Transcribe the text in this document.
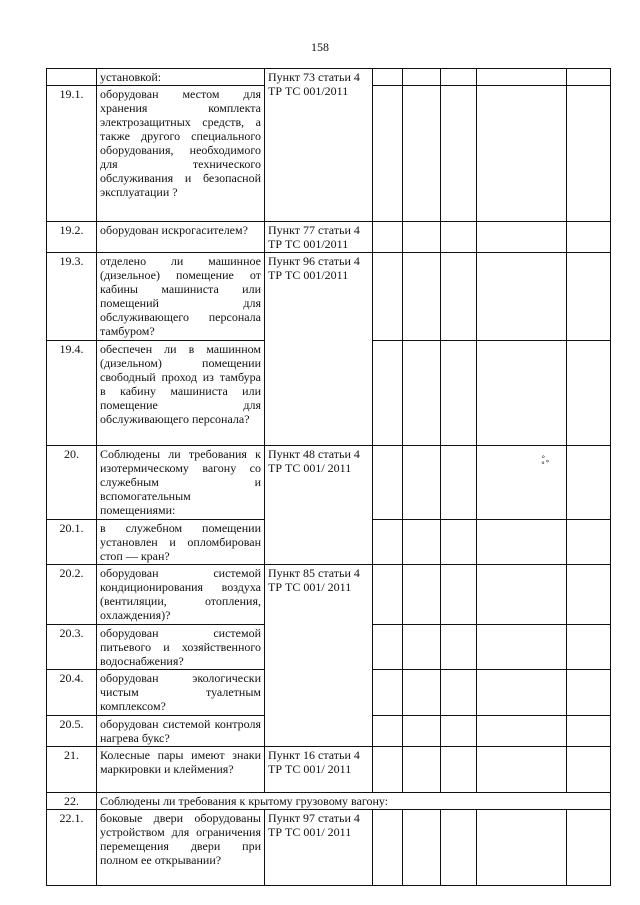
158
	установкой:	Пункт 73 статьи 4 ТР ТС 001/2011					
19.1.	оборудован местом для хранения комплекта электрозащитных средств, а также другого специального оборудования, необходимого для технического обслуживания и безопасной эксплуатации ?						
19.2.	оборудован искрогасителем?	Пункт 77 статьи 4 ТР ТС 001/2011					
19.3.	отделено ли машинное (дизельное) помещение от кабины машиниста или помещений для обслуживающего персонала тамбуром?	Пункт 96 статьи 4 ТР ТС 001/2011					
19.4.	обеспечен ли в машинном (дизельном) помещении свободный проход из тамбура в кабину машиниста или помещение для обслуживающего персонала?						
20.	Соблюдены ли требования к изотермическому вагону со служебным и вспомогательным помещениями:	Пункт 48 статьи 4 ТР ТС 001/ 2011				ஃ	

20.1.	в служебном помещении установлен и опломбирован стоп — кран?						
20.2.	оборудован системой кондиционирования воздуха (вентиляции, отопления, охлаждения)?	Пункт 85 статьи 4 ТР ТС 001/ 2011					
20.3.	оборудован системой питьевого и хозяйственного водоснабжения?						
20.4.	оборудован экологически чистым туалетным комплексом?						
20.5.	оборудован системой контроля нагрева букс?						
21.	Колесные пары имеют знаки маркировки и клеймения?	Пункт 16 статьи 4 ТР ТС 001/ 2011					
22.	Соблюдены ли требования к крытому грузовому вагону:						
22.1.	боковые двери оборудованы устройством для ограничения перемещения двери при полном ее открывании?	Пункт 97 статьи 4 ТР ТС 001/ 2011					
